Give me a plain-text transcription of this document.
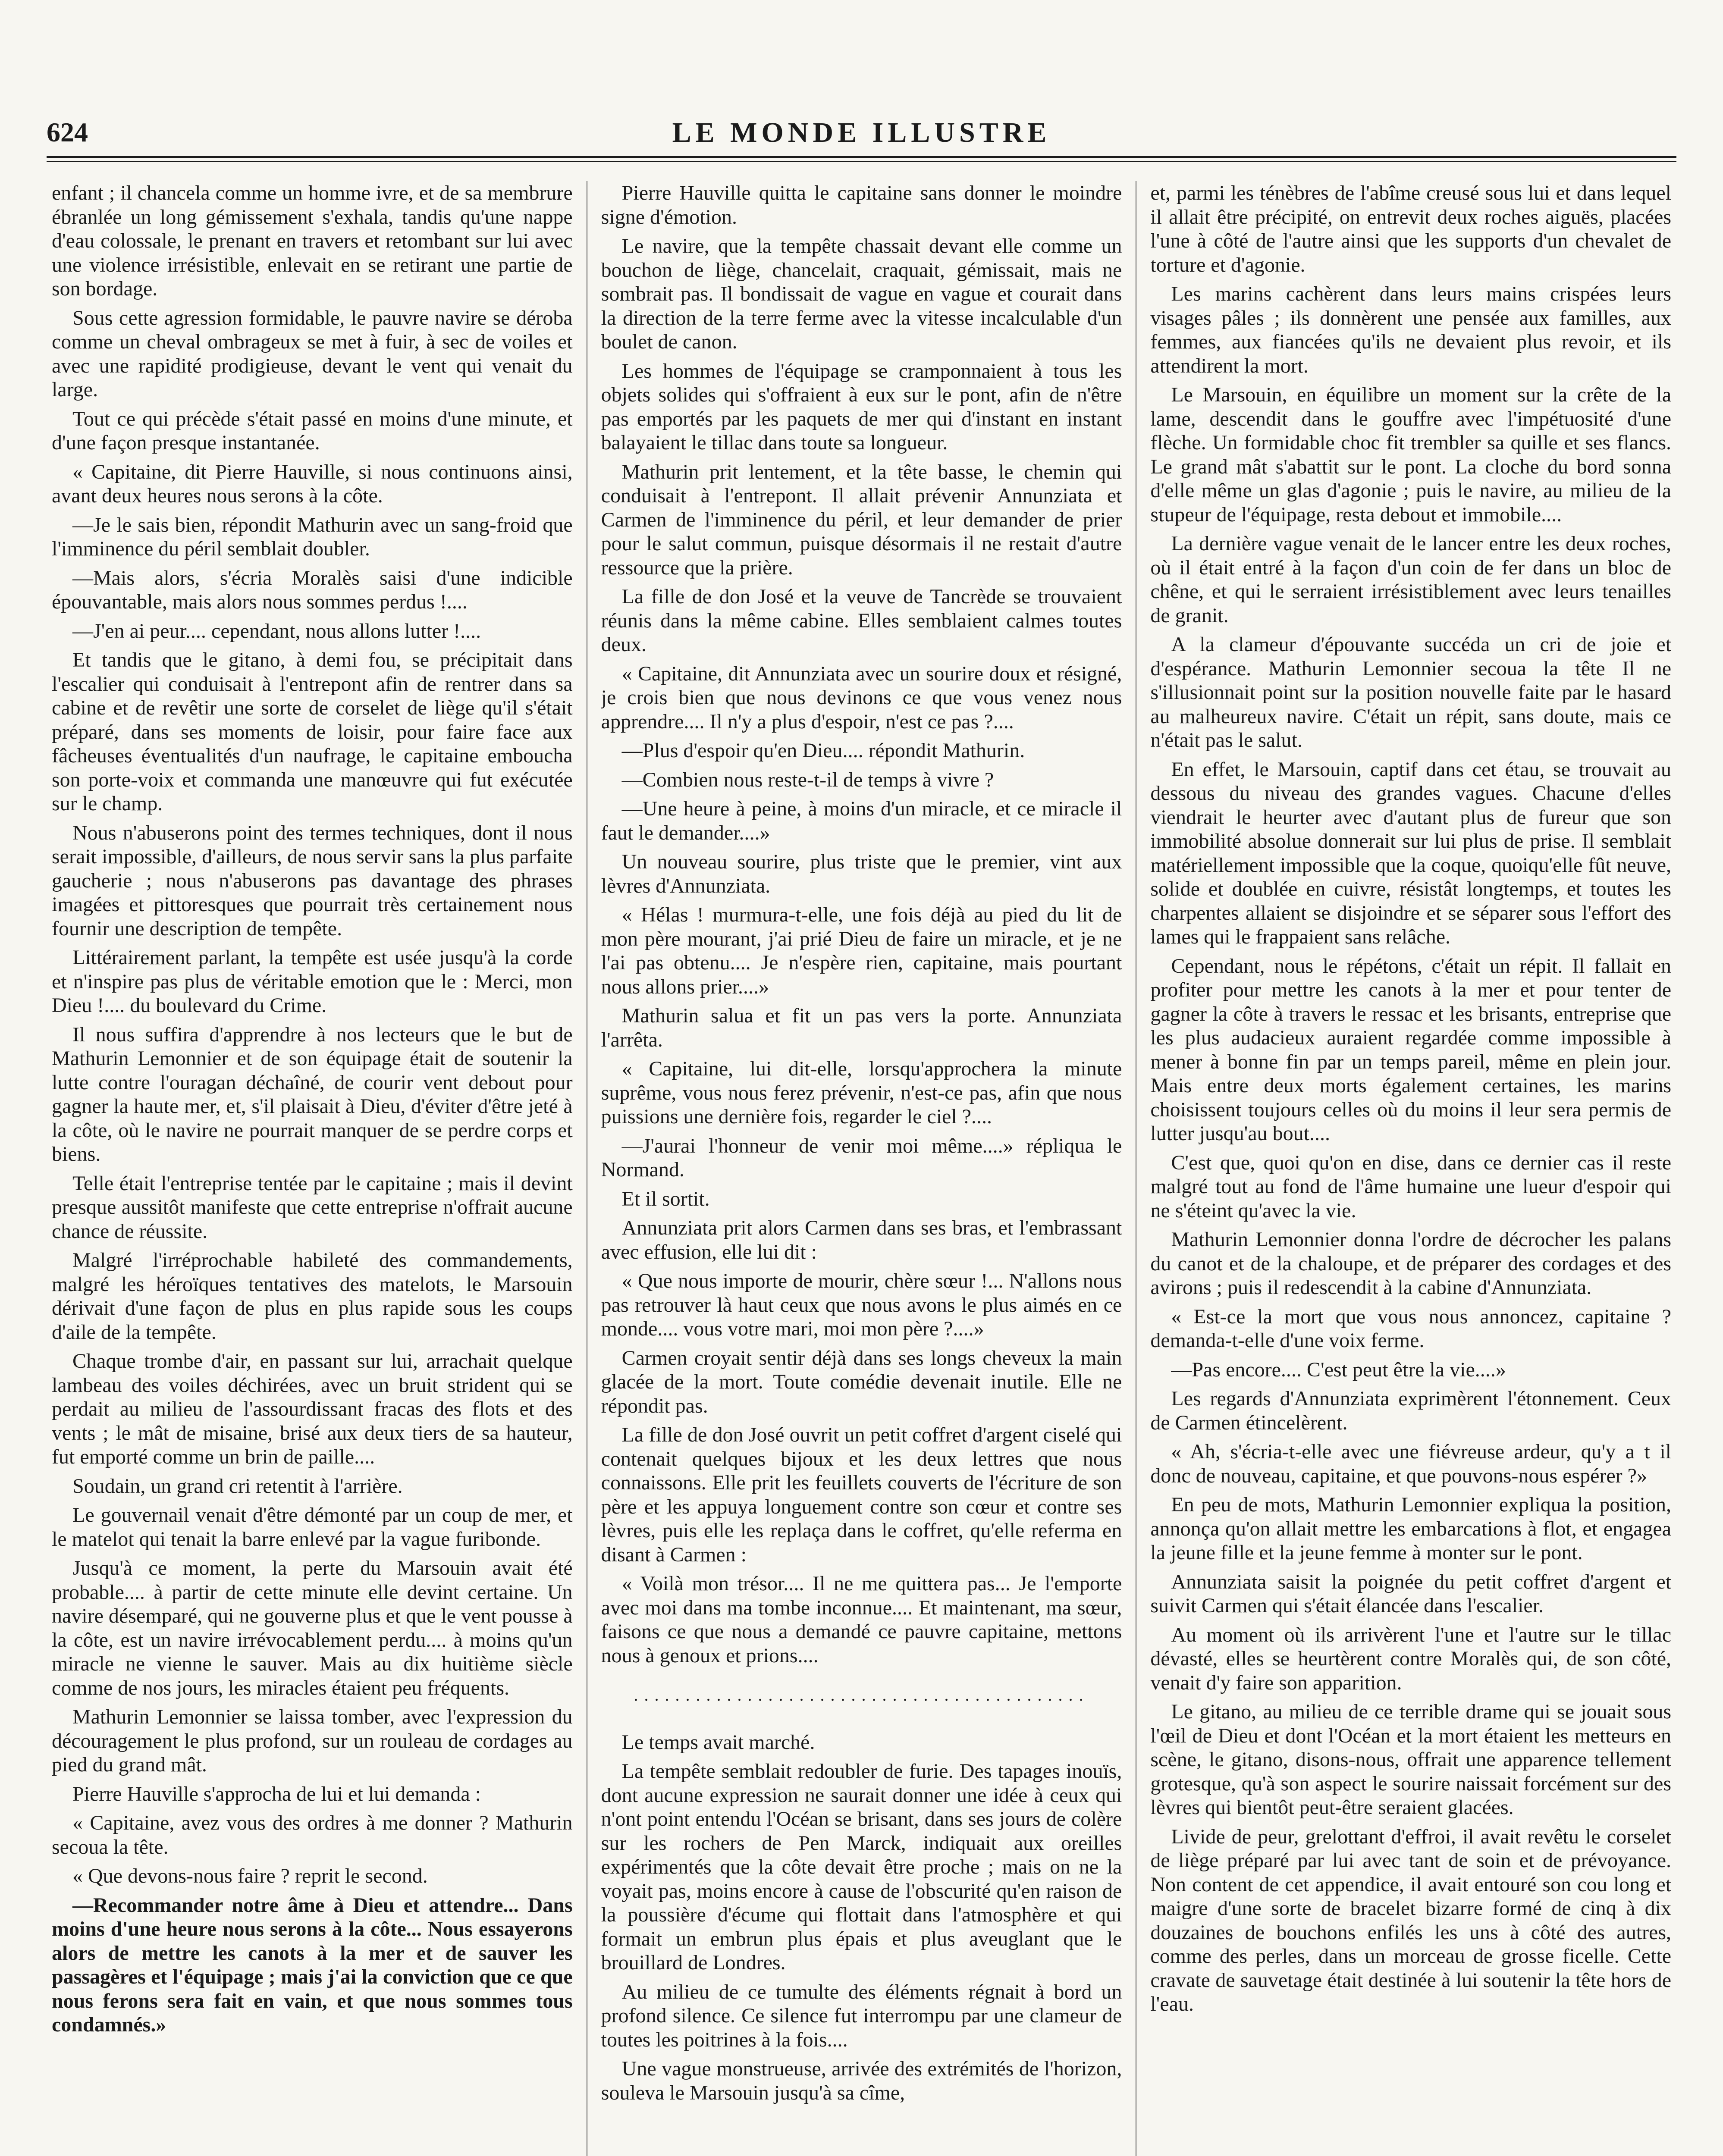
624	LE MONDE ILLUSTRE

enfant ; il chancela comme un homme ivre, et de sa membrure ébranlée un long gémissement s'exhala, tandis qu'une nappe d'eau colossale, le prenant en travers et retombant sur lui avec une violence irrésistible, enlevait en se retirant une partie de son bordage.

Sous cette agression formidable, le pauvre navire se déroba comme un cheval ombrageux se met à fuir, à sec de voiles et avec une rapidité prodigieuse, devant le vent qui venait du large.

Tout ce qui précède s'était passé en moins d'une minute, et d'une façon presque instantanée.

« Capitaine, dit Pierre Hauville, si nous continuons ainsi, avant deux heures nous serons à la côte.

—Je le sais bien, répondit Mathurin avec un sang-froid que l'imminence du péril semblait doubler.

—Mais alors, s'écria Moralès saisi d'une indicible épouvantable, mais alors nous sommes perdus !....

—J'en ai peur.... cependant, nous allons lutter !....

Et tandis que le gitano, à demi fou, se précipitait dans l'escalier qui conduisait à l'entrepont afin de rentrer dans sa cabine et de revêtir une sorte de corselet de liège qu'il s'était préparé, dans ses moments de loisir, pour faire face aux fâcheuses éventualités d'un naufrage, le capitaine embouchа son porte-voix et commanda une manœuvre qui fut exécutée sur le champ.

Nous n'abuserons point des termes techniques, dont il nous serait impossible, d'ailleurs, de nous servir sans la plus parfaite gaucherie ; nous n'abuserons pas davantage des phrases imagées et pittoresques que pourrait très certainement nous fournir une description de tempête.

Littérairement parlant, la tempête est usée jusqu'à la corde et n'inspire pas plus de véritable emotion que le : Merci, mon Dieu !.... du boulevard du Crime.

Il nous suffira d'apprendre à nos lecteurs que le but de Mathurin Lemonnier et de son équipage était de soutenir la lutte contre l'ouragan déchaîné, de courir vent debout pour gagner la haute mer, et, s'il plaisait à Dieu, d'éviter d'être jeté à la côte, où le navire ne pourrait manquer de se perdre corps et biens.

Telle était l'entreprise tentée par le capitaine ; mais il devint presque aussitôt manifeste que cette entreprise n'offrait aucune chance de réussite.

Malgré l'irréprochable habileté des commandements, malgré les héroïques tentatives des matelots, le Marsouin dérivait d'une façon de plus en plus rapide sous les coups d'aile de la tempête.

Chaque trombe d'air, en passant sur lui, arrachait quelque lambeau des voiles déchirées, avec un bruit strident qui se perdait au milieu de l'assourdissant fracas des flots et des vents ; le mât de misaine, brisé aux deux tiers de sa hauteur, fut emporté comme un brin de paille....

Soudain, un grand cri retentit à l'arrière.

Le gouvernail venait d'être démonté par un coup de mer, et le matelot qui tenait la barre enlevé par la vague furibonde.

Jusqu'à ce moment, la perte du Marsouin avait été probable.... à partir de cette minute elle devint certaine. Un navire désemparé, qui ne gouverne plus et que le vent pousse à la côte, est un navire irrévocablement perdu.... à moins qu'un miracle ne vienne le sauver. Mais au dix huitième siècle comme de nos jours, les miracles étaient peu fréquents.

Mathurin Lemonnier se laissa tomber, avec l'expression du découragement le plus profond, sur un rouleau de cordages au pied du grand mât.

Pierre Hauville s'approcha de lui et lui demanda :

« Capitaine, avez vous des ordres à me donner ? Mathurin secoua la tête.

« Que devons-nous faire ? reprit le second.

—Recommander notre âme à Dieu et attendre... Dans moins d'une heure nous serons à la côte... Nous essayerons alors de mettre les canots à la mer et de sauver les passagères et l'équipage ; mais j'ai la conviction que ce que nous ferons sera fait en vain, et que nous sommes tous condamnés.»

Pierre Hauville quitta le capitaine sans donner le moindre signe d'émotion.

Le navire, que la tempête chassait devant elle comme un bouchon de liège, chancelait, craquait, gémissait, mais ne sombrait pas. Il bondissait de vague en vague et courait dans la direction de la terre ferme avec la vitesse incalculable d'un boulet de canon.

Les hommes de l'équipage se cramponnaient à tous les objets solides qui s'offraient à eux sur le pont, afin de n'être pas emportés par les paquets de mer qui d'instant en instant balayaient le tillac dans toute sa longueur.

Mathurin prit lentement, et la tête basse, le chemin qui conduisait à l'entrepont. Il allait prévenir Annunziata et Carmen de l'imminence du péril, et leur demander de prier pour le salut commun, puisque désormais il ne restait d'autre ressource que la prière.

La fille de don José et la veuve de Tancrède se trouvaient réunis dans la même cabine. Elles semblaient calmes toutes deux.

« Capitaine, dit Annunziata avec un sourire doux et résigné, je crois bien que nous devinons ce que vous venez nous apprendre.... Il n'y a plus d'espoir, n'est ce pas ?....

—Plus d'espoir qu'en Dieu.... répondit Mathurin.

—Combien nous reste-t-il de temps à vivre ?

—Une heure à peine, à moins d'un miracle, et ce miracle il faut le demander....»

Un nouveau sourire, plus triste que le premier, vint aux lèvres d'Annunziata.

« Hélas ! murmura-t-elle, une fois déjà au pied du lit de mon père mourant, j'ai prié Dieu de faire un miracle, et je ne l'ai pas obtenu.... Je n'espère rien, capitaine, mais pourtant nous allons prier....»

Mathurin salua et fit un pas vers la porte. Annunziata l'arrêta.

« Capitaine, lui dit-elle, lorsqu'approchera la minute suprême, vous nous ferez prévenir, n'est-ce pas, afin que nous puissions une dernière fois, regarder le ciel ?....

—J'aurai l'honneur de venir moi même....» répliqua le Normand.

Et il sortit.

Annunziata prit alors Carmen dans ses bras, et l'embrassant avec effusion, elle lui dit :

« Que nous importe de mourir, chère sœur !... N'allons nous pas retrouver là haut ceux que nous avons le plus aimés en ce monde.... vous votre mari, moi mon père ?....»

Carmen croyait sentir déjà dans ses longs cheveux la main glacée de la mort. Toute comédie devenait inutile. Elle ne répondit pas.

La fille de don José ouvrit un petit coffret d'argent ciselé qui contenait quelques bijoux et les deux lettres que nous connaissons. Elle prit les feuillets couverts de l'écriture de son père et les appuya longuement contre son cœur et contre ses lèvres, puis elle les replaça dans le coffret, qu'elle referma en disant à Carmen :

« Voilà mon trésor.... Il ne me quittera pas... Je l'emporte avec moi dans ma tombe inconnue.... Et maintenant, ma sœur, faisons ce que nous a demandé ce pauvre capitaine, mettons nous à genoux et prions....

............................................

Le temps avait marché.

La tempête semblait redoubler de furie. Des tapages inouïs, dont aucune expression ne saurait donner une idée à ceux qui n'ont point entendu l'Océan se brisant, dans ses jours de colère sur les rochers de Pen Marck, indiquait aux oreilles expérimentés que la côte devait être proche ; mais on ne la voyait pas, moins encore à cause de l'obscurité qu'en raison de la poussière d'écume qui flottait dans l'atmosphère et qui formait un embrun plus épais et plus aveuglant que le brouillard de Londres.

Au milieu de ce tumulte des éléments régnait à bord un profond silence. Ce silence fut interrompu par une clameur de toutes les poitrines à la fois....

Une vague monstrueuse, arrivée des extrémités de l'horizon, souleva le Marsouin jusqu'à sa cîme,

et, parmi les ténèbres de l'abîme creusé sous lui et dans lequel il allait être précipité, on entrevit deux roches aiguës, placées l'une à côté de l'autre ainsi que les supports d'un chevalet de torture et d'agonie.

Les marins cachèrent dans leurs mains crispées leurs visages pâles ; ils donnèrent une pensée aux familles, aux femmes, aux fiancées qu'ils ne devaient plus revoir, et ils attendirent la mort.

Le Marsouin, en équilibre un moment sur la crête de la lame, descendit dans le gouffre avec l'impétuosité d'une flèche. Un formidable choc fit trembler sa quille et ses flancs. Le grand mât s'abattit sur le pont. La cloche du bord sonna d'elle même un glas d'agonie ; puis le navire, au milieu de la stupeur de l'équipage, resta debout et immobile....

La dernière vague venait de le lancer entre les deux roches, où il était entré à la façon d'un coin de fer dans un bloc de chêne, et qui le serraient irrésistiblement avec leurs tenailles de granit.

A la clameur d'épouvante succéda un cri de joie et d'espérance. Mathurin Lemonnier secoua la tête Il ne s'illusionnait point sur la position nouvelle faite par le hasard au malheureux navire. C'était un répit, sans doute, mais ce n'était pas le salut.

En effet, le Marsouin, captif dans cet étau, se trouvait au dessous du niveau des grandes vagues. Chacune d'elles viendrait le heurter avec d'autant plus de fureur que son immobilité absolue donnerait sur lui plus de prise. Il semblait matériellement impossible que la coque, quoiqu'elle fût neuve, solide et doublée en cuivre, résistât longtemps, et toutes les charpentes allaient se disjoindre et se séparer sous l'effort des lames qui le frappaient sans relâche.

Cependant, nous le répétons, c'était un répit. Il fallait en profiter pour mettre les canots à la mer et pour tenter de gagner la côte à travers le ressac et les brisants, entreprise que les plus audacieux auraient regardée comme impossible à mener à bonne fin par un temps pareil, même en plein jour. Mais entre deux morts également certaines, les marins choisissent toujours celles où du moins il leur sera permis de lutter jusqu'au bout....

C'est que, quoi qu'on en dise, dans ce dernier cas il reste malgré tout au fond de l'âme humaine une lueur d'espoir qui ne s'éteint qu'avec la vie.

Mathurin Lemonnier donna l'ordre de décrocher les palans du canot et de la chaloupe, et de préparer des cordages et des avirons ; puis il redescendit à la cabine d'Annunziata.

« Est-ce la mort que vous nous annoncez, capitaine ? demanda-t-elle d'une voix ferme.

—Pas encore.... C'est peut être la vie....»

Les regards d'Annunziata exprimèrent l'étonnement. Ceux de Carmen étincelèrent.

« Ah, s'écria-t-elle avec une fiévreuse ardeur, qu'y a t il donc de nouveau, capitaine, et que pouvons-nous espérer ?»

En peu de mots, Mathurin Lemonnier expliqua la position, annonça qu'on allait mettre les embarcations à flot, et engagea la jeune fille et la jeune femme à monter sur le pont.

Annunziata saisit la poignée du petit coffret d'argent et suivit Carmen qui s'était élancée dans l'escalier.

Au moment où ils arrivèrent l'une et l'autre sur le tillac dévasté, elles se heurtèrent contre Moralès qui, de son côté, venait d'y faire son apparition.

Le gitano, au milieu de ce terrible drame qui se jouait sous l'œil de Dieu et dont l'Océan et la mort étaient les metteurs en scène, le gitano, disons-nous, offrait une apparence tellement grotesque, qu'à son aspect le sourire naissait forcément sur des lèvres qui bientôt peut-être seraient glacées.

Livide de peur, grelottant d'effroi, il avait revêtu le corselet de liège préparé par lui avec tant de soin et de prévoyance. Non content de cet appendice, il avait entouré son cou long et maigre d'une sorte de bracelet bizarre formé de cinq à dix douzaines de bouchons enfilés les uns à côté des autres, comme des perles, dans un morceau de grosse ficelle. Cette cravate de sauvetage était destinée à lui soutenir la tête hors de l'eau.
